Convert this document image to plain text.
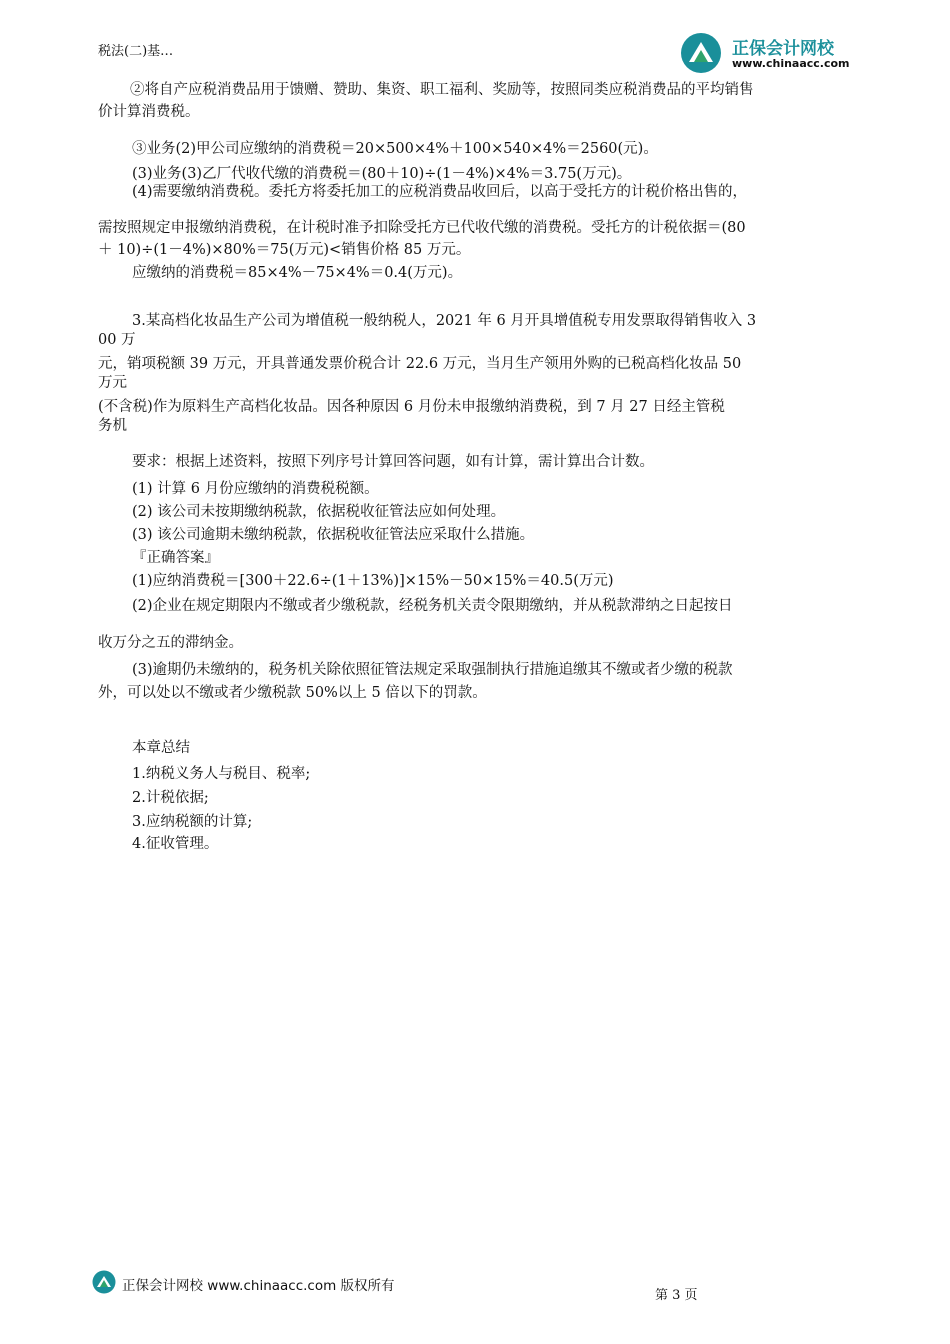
正保会计网校
www.chinaacc.com
税法(二)基…
②将自产应税消费品用于馈赠、赞助、集资、职工福利、奖励等，按照同类应税消费品的平均销售
价计算消费税。
③业务(2)甲公司应缴纳的消费税＝20×500×4%＋100×540×4%＝2560(元)。
(3)业务(3)乙厂代收代缴的消费税＝(80＋10)÷(1－4%)×4%＝3.75(万元)。
(4)需要缴纳消费税。委托方将委托加工的应税消费品收回后，以高于受托方的计税价格出售的，
需按照规定申报缴纳消费税，在计税时准予扣除受托方已代收代缴的消费税。受托方的计税依据＝(80
＋ 10)÷(1－4%)×80%＝75(万元)<销售价格 85 万元。
应缴纳的消费税＝85×4%－75×4%＝0.4(万元)。
3.某高档化妆品生产公司为增值税一般纳税人，2021 年 6 月开具增值税专用发票取得销售收入 3
00 万
元，销项税额 39 万元，开具普通发票价税合计 22.6 万元，当月生产领用外购的已税高档化妆品 50
万元
(不含税)作为原料生产高档化妆品。因各种原因 6 月份未申报缴纳消费税，到 7 月 27 日经主管税
务机
要求：根据上述资料，按照下列序号计算回答问题，如有计算，需计算出合计数。
(1) 计算 6 月份应缴纳的消费税税额。
(2) 该公司未按期缴纳税款，依据税收征管法应如何处理。
(3) 该公司逾期未缴纳税款，依据税收征管法应采取什么措施。
『正确答案』
(1)应纳消费税＝[300＋22.6÷(1＋13%)]×15%－50×15%＝40.5(万元)
(2)企业在规定期限内不缴或者少缴税款，经税务机关责令限期缴纳，并从税款滞纳之日起按日
收万分之五的滞纳金。
(3)逾期仍未缴纳的，税务机关除依照征管法规定采取强制执行措施追缴其不缴或者少缴的税款
外，可以处以不缴或者少缴税款 50%以上 5 倍以下的罚款。
本章总结
1.纳税义务人与税目、税率;
2.计税依据;
3.应纳税额的计算;
4.征收管理。
正保会计网校 www.chinaacc.com 版权所有
第 3 页
